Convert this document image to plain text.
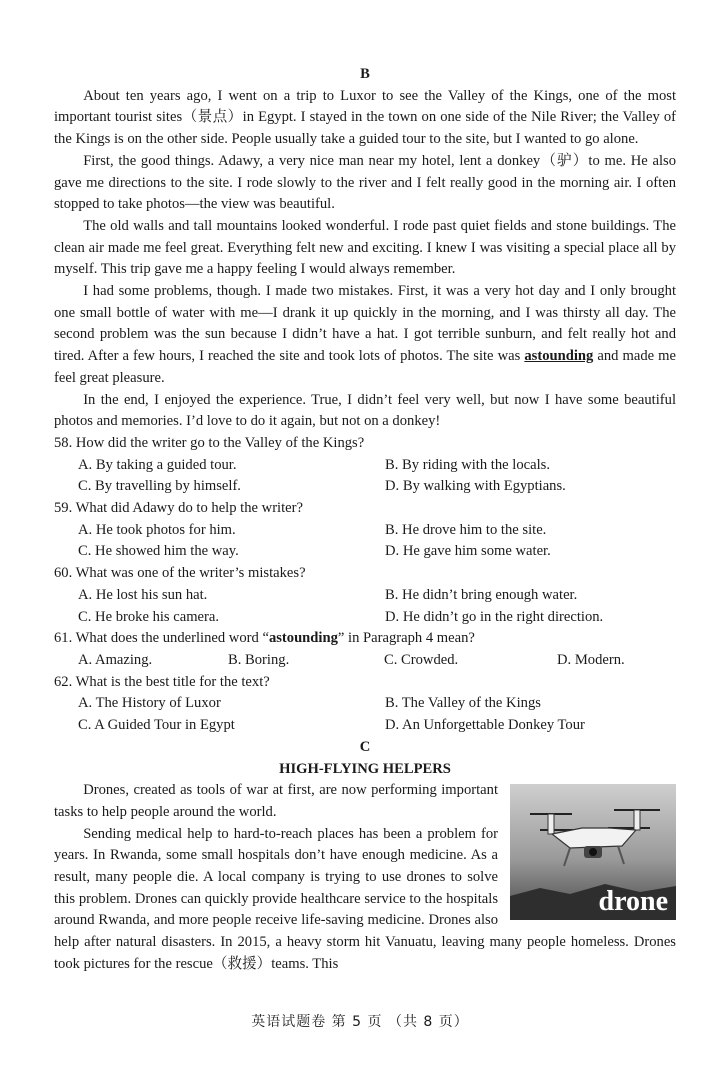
B

About ten years ago, I went on a trip to Luxor to see the Valley of the Kings, one of the most important tourist sites（景点）in Egypt. I stayed in the town on one side of the Nile River; the Valley of the Kings is on the other side. People usually take a guided tour to the site, but I wanted to go alone.

First, the good things. Adawy, a very nice man near my hotel, lent a donkey（驴）to me. He also gave me directions to the site. I rode slowly to the river and I felt really good in the morning air. I often stopped to take photos—the view was beautiful.

The old walls and tall mountains looked wonderful. I rode past quiet fields and stone buildings. The clean air made me feel great. Everything felt new and exciting. I knew I was visiting a special place all by myself. This trip gave me a happy feeling I would always remember.

I had some problems, though. I made two mistakes. First, it was a very hot day and I only brought one small bottle of water with me—I drank it up quickly in the morning, and I was thirsty all day. The second problem was the sun because I didn’t have a hat. I got terrible sunburn, and felt really hot and tired. After a few hours, I reached the site and took lots of photos. The site was astounding and made me feel great pleasure.

In the end, I enjoyed the experience. True, I didn’t feel very well, but now I have some beautiful photos and memories. I’d love to do it again, but not on a donkey!

58. How did the writer go to the Valley of the Kings?

A. By taking a guided tour.	B. By riding with the locals.
C. By travelling by himself.	D. By walking with Egyptians.

59. What did Adawy do to help the writer?

A. He took photos for him.	B. He drove him to the site.
C. He showed him the way.	D. He gave him some water.

60. What was one of the writer’s mistakes?

A. He lost his sun hat.	B. He didn’t bring enough water.
C. He broke his camera.	D. He didn’t go in the right direction.

61. What does the underlined word “astounding” in Paragraph 4 mean?

A. Amazing.	B. Boring.	C. Crowded.	D. Modern.

62. What is the best title for the text?

A. The History of Luxor	B. The Valley of the Kings
C. A Guided Tour in Egypt	D. An Unforgettable Donkey Tour

C

HIGH-FLYING HELPERS

drone

Drones, created as tools of war at first, are now performing important tasks to help people around the world.

Sending medical help to hard-to-reach places has been a problem for years. In Rwanda, some small hospitals don’t have enough medicine. As a result, many people die. A local company is trying to use drones to solve this problem. Drones can quickly provide healthcare service to the hospitals around Rwanda, and more people receive life-saving medicine. Drones also help after natural disasters. In 2015, a heavy storm hit Vanuatu, leaving many people homeless. Drones took pictures for the rescue（救援）teams. This

英语试题卷 第 5 页 （共 8 页）
